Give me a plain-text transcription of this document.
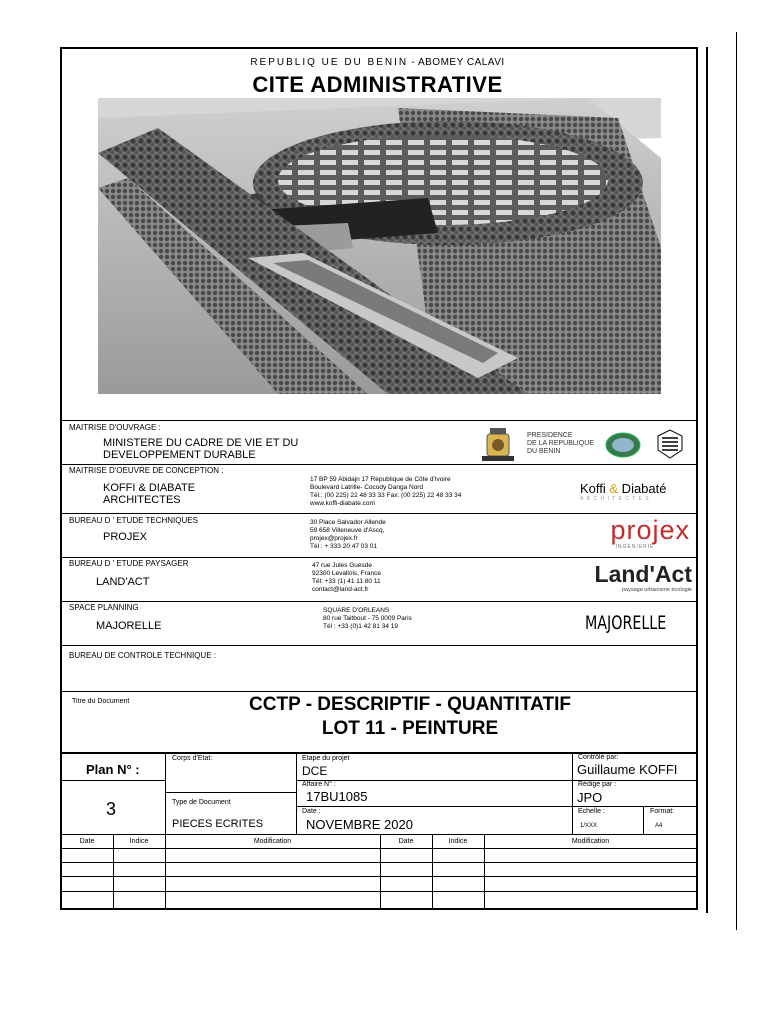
REPUBLIQ UE DU BENIN - ABOMEY CALAVI
CITE ADMINISTRATIVE
MAITRISE D'OUVRAGE :
MINISTERE DU CADRE DE VIE ET DU
DEVELOPPEMENT DURABLE
PRESIDENCE
DE LA REPUBLIQUE
DU BENIN
MAITRISE D'OEUVRE DE CONCEPTION :
KOFFI & DIABATE
ARCHITECTES
17 BP 59 Abidajn 17 République de Côte d'Ivoire
Boulevard Latrille- Cocody Danga Nord
Tél.: (00 225) 22 48 33 33 Fax: (00 225) 22 48 33 34
www.koffi-diabate.com
Koffi & Diabaté
A R C H I T E C T E S
BUREAU D ' ETUDE TECHNIQUES
PROJEX
30 Place Salvador Allende
59 658 Villeneuve d'Ascq,
projex@projex.fr
Tél : + 333 20 47 03 01
projex
INGÉNIERIE
BUREAU D ' ETUDE PAYSAGER
LAND'ACT
47 rue Jules Guesde
92300 Levallois, France
Tél: +33 (1) 41 11 80 11
contact@land-act.fr
Land'Act
paysage urbanisme écologie
SPACE PLANNING
MAJORELLE
SQUARE D'ORLEANS
80 rue Taitbout - 75 0009 Paris
Tél : +33 (0)1 42 81 34 19	MAJORELLE
BUREAU DE CONTROLE TECHNIQUE :
Titre du Document	CCTP - DESCRIPTIF - QUANTITATIF
LOT 11 - PEINTURE
Plan N° :
3
Corps d'Etat:
Type de Document
PIECES ECRITES
Etape du projet
DCE
Affaire N° :
17BU1085
Date :
NOVEMBRE 2020
Contrôlé par:
Guillaume KOFFI
Rédigé par :
JPO
Echelle :
1/XXX
Format:
A4
Date	Indice	Modification	Date	Indice	Modification
